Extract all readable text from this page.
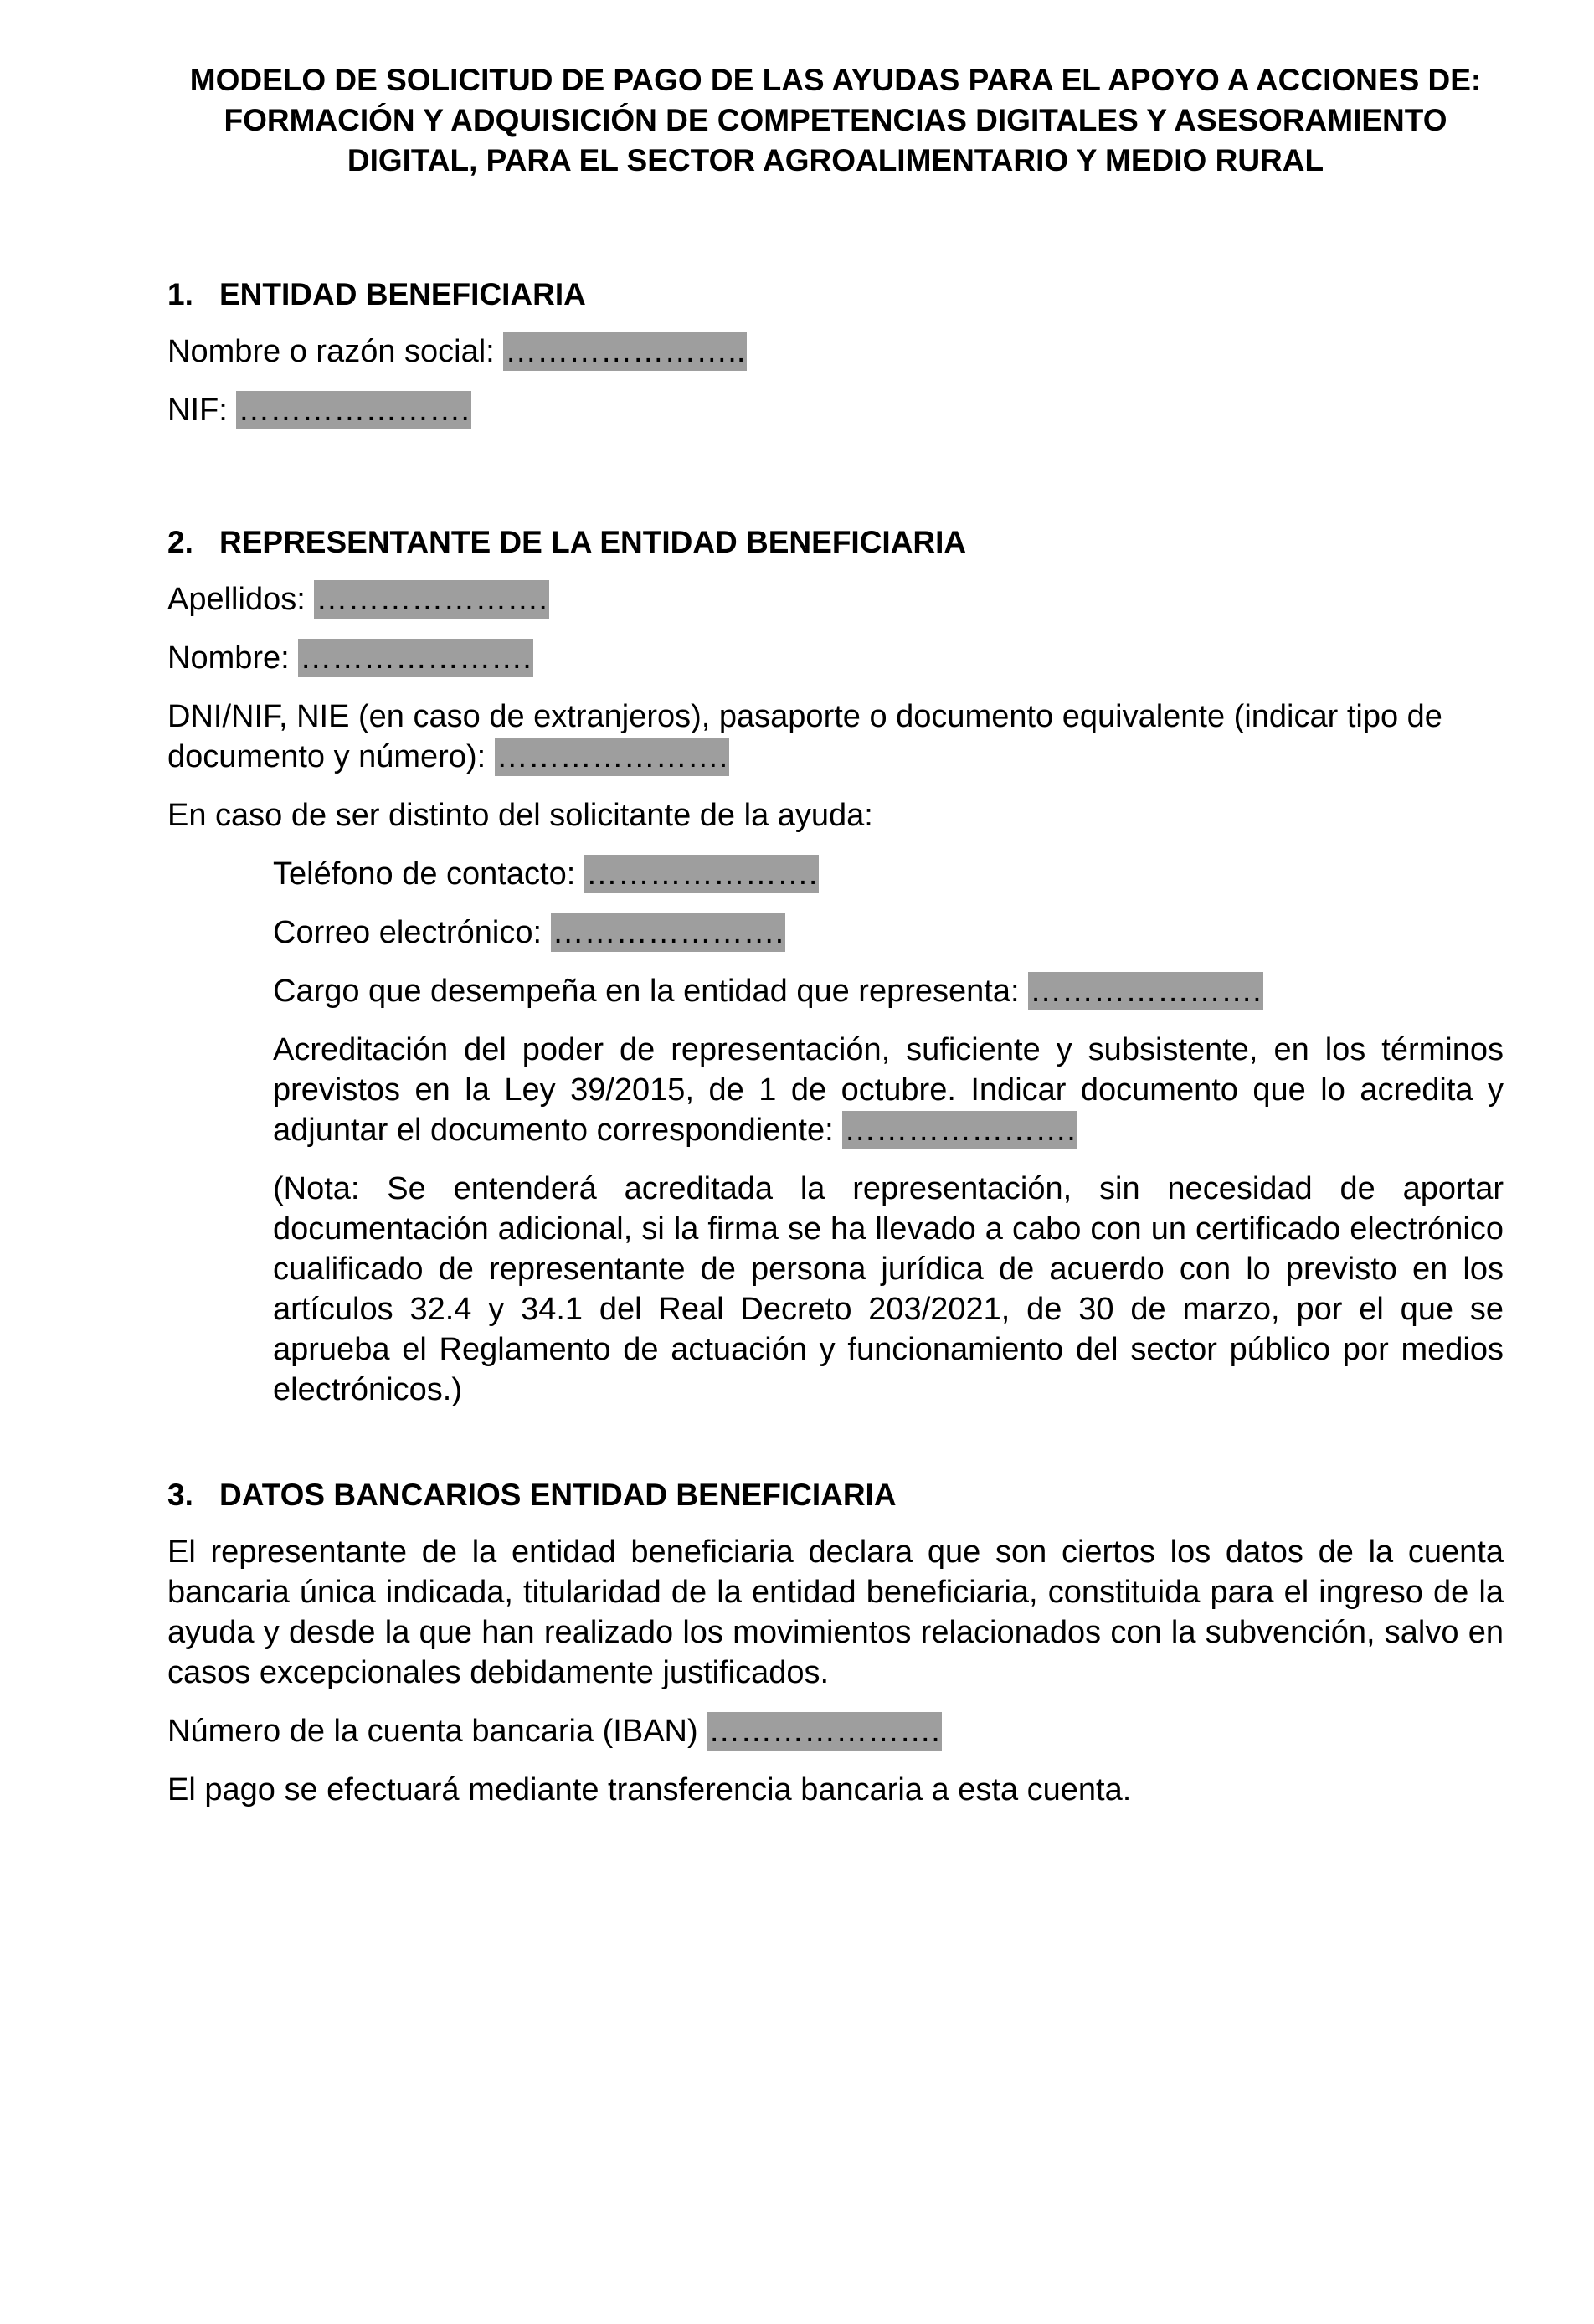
MODELO DE SOLICITUD DE PAGO DE LAS AYUDAS PARA EL APOYO A ACCIONES DE: FORMACIÓN Y ADQUISICIÓN DE COMPETENCIAS DIGITALES Y ASESORAMIENTO DIGITAL, PARA EL SECTOR AGROALIMENTARIO Y MEDIO RURAL
1. ENTIDAD BENEFICIARIA

Nombre o razón social: …………………..

NIF: ………………….

2. REPRESENTANTE DE LA ENTIDAD BENEFICIARIA

Apellidos: ………………….

Nombre: ………………….

DNI/NIF, NIE (en caso de extranjeros), pasaporte o documento equivalente (indicar tipo de documento y número): ………………….

En caso de ser distinto del solicitante de la ayuda:

Teléfono de contacto: ………………….

Correo electrónico: ………………….

Cargo que desempeña en la entidad que representa: ………………….

Acreditación del poder de representación, suficiente y subsistente, en los términos previstos en la Ley 39/2015, de 1 de octubre. Indicar documento que lo acredita y adjuntar el documento correspondiente: ………………….

(Nota: Se entenderá acreditada la representación, sin necesidad de aportar documentación adicional, si la firma se ha llevado a cabo con un certificado electrónico cualificado de representante de persona jurídica de acuerdo con lo previsto en los artículos 32.4 y 34.1 del Real Decreto 203/2021, de 30 de marzo, por el que se aprueba el Reglamento de actuación y funcionamiento del sector público por medios electrónicos.)

3. DATOS BANCARIOS ENTIDAD BENEFICIARIA

El representante de la entidad beneficiaria declara que son ciertos los datos de la cuenta bancaria única indicada, titularidad de la entidad beneficiaria, constituida para el ingreso de la ayuda y desde la que han realizado los movimientos relacionados con la subvención, salvo en casos excepcionales debidamente justificados.

Número de la cuenta bancaria (IBAN) ………………….

El pago se efectuará mediante transferencia bancaria a esta cuenta.
